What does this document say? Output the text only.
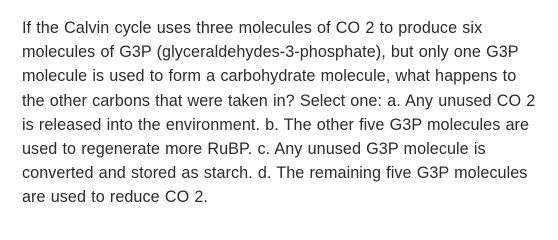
If the Calvin cycle uses three molecules of CO 2 to produce six molecules of G3P (glyceraldehydes-3-phosphate), but only one G3P molecule is used to form a carbohydrate molecule, what happens to the other carbons that were taken in? Select one: a. Any unused CO 2 is released into the environment. b. The other five G3P molecules are used to regenerate more RuBP. c. Any unused G3P molecule is converted and stored as starch. d. The remaining five G3P molecules are used to reduce CO 2.
